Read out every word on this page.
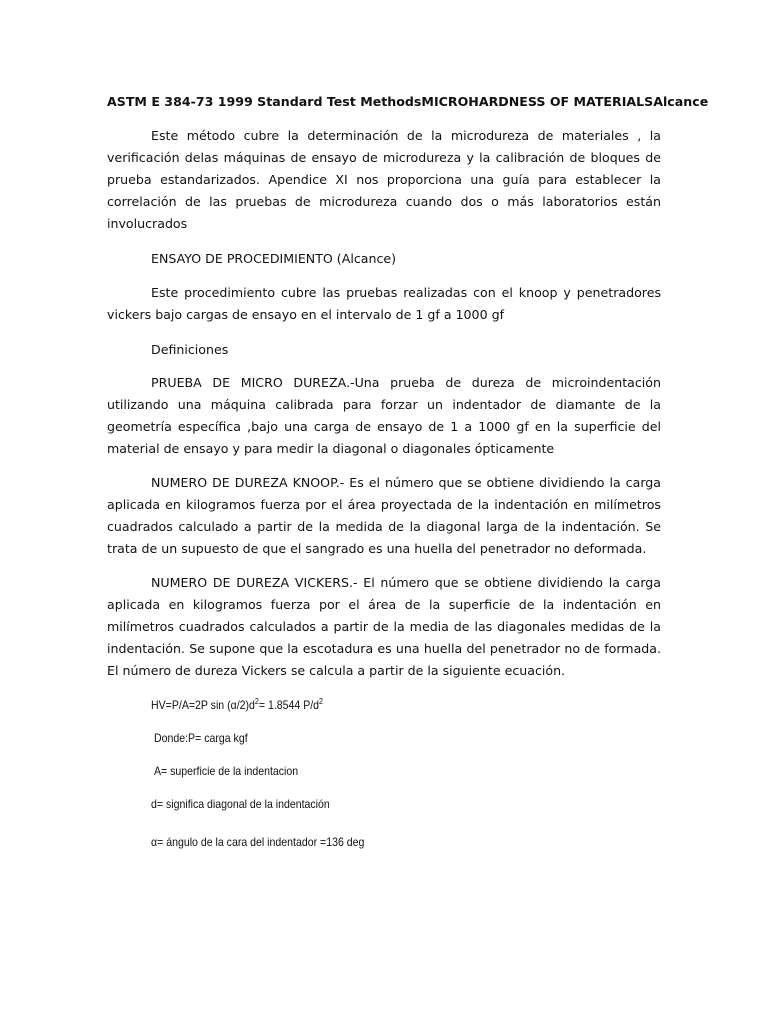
ASTM E 384-73 1999 Standard Test MethodsMICROHARDNESS OF MATERIALSAlcance

Este método cubre la determinación de la microdureza de materiales , la verificación delas máquinas de ensayo de microdureza y la calibración de bloques de prueba estandarizados. Apendice XI nos proporciona una guía para establecer la correlación de las pruebas de microdureza cuando dos o más laboratorios están involucrados

ENSAYO DE PROCEDIMIENTO (Alcance)

Este procedimiento cubre las pruebas realizadas con el knoop y penetradores vickers bajo cargas de ensayo en el intervalo de 1 gf a 1000 gf

Definiciones

PRUEBA DE MICRO DUREZA.-Una prueba de dureza de microindentación utilizando una máquina calibrada para forzar un indentador de diamante de la geometría específica ,bajo una carga de ensayo de 1 a 1000 gf en la superficie del material de ensayo y para medir la diagonal o diagonales ópticamente

NUMERO DE DUREZA KNOOP.- Es el número que se obtiene dividiendo la carga aplicada en kilogramos fuerza por el área proyectada de la indentación en milímetros cuadrados calculado a partir de la medida de la diagonal larga de la indentación. Se trata de un supuesto de que el sangrado es una huella del penetrador no deformada.

NUMERO DE DUREZA VICKERS.- El número que se obtiene dividiendo la carga aplicada en kilogramos fuerza por el área de la superficie de la indentación en milímetros cuadrados calculados a partir de la media de las diagonales medidas de la indentación. Se supone que la escotadura es una huella del penetrador no de formada. El número de dureza Vickers se calcula a partir de la siguiente ecuación.

HV=P/A=2P $\sin (\alpha/2)d^2= 1.8544$ $P/d^2$
Donde:P= carga kgf
A= superficie de la indentacion
d= significa diagonal de la indentación
α= ángulo de la cara del indentador =136 deg
